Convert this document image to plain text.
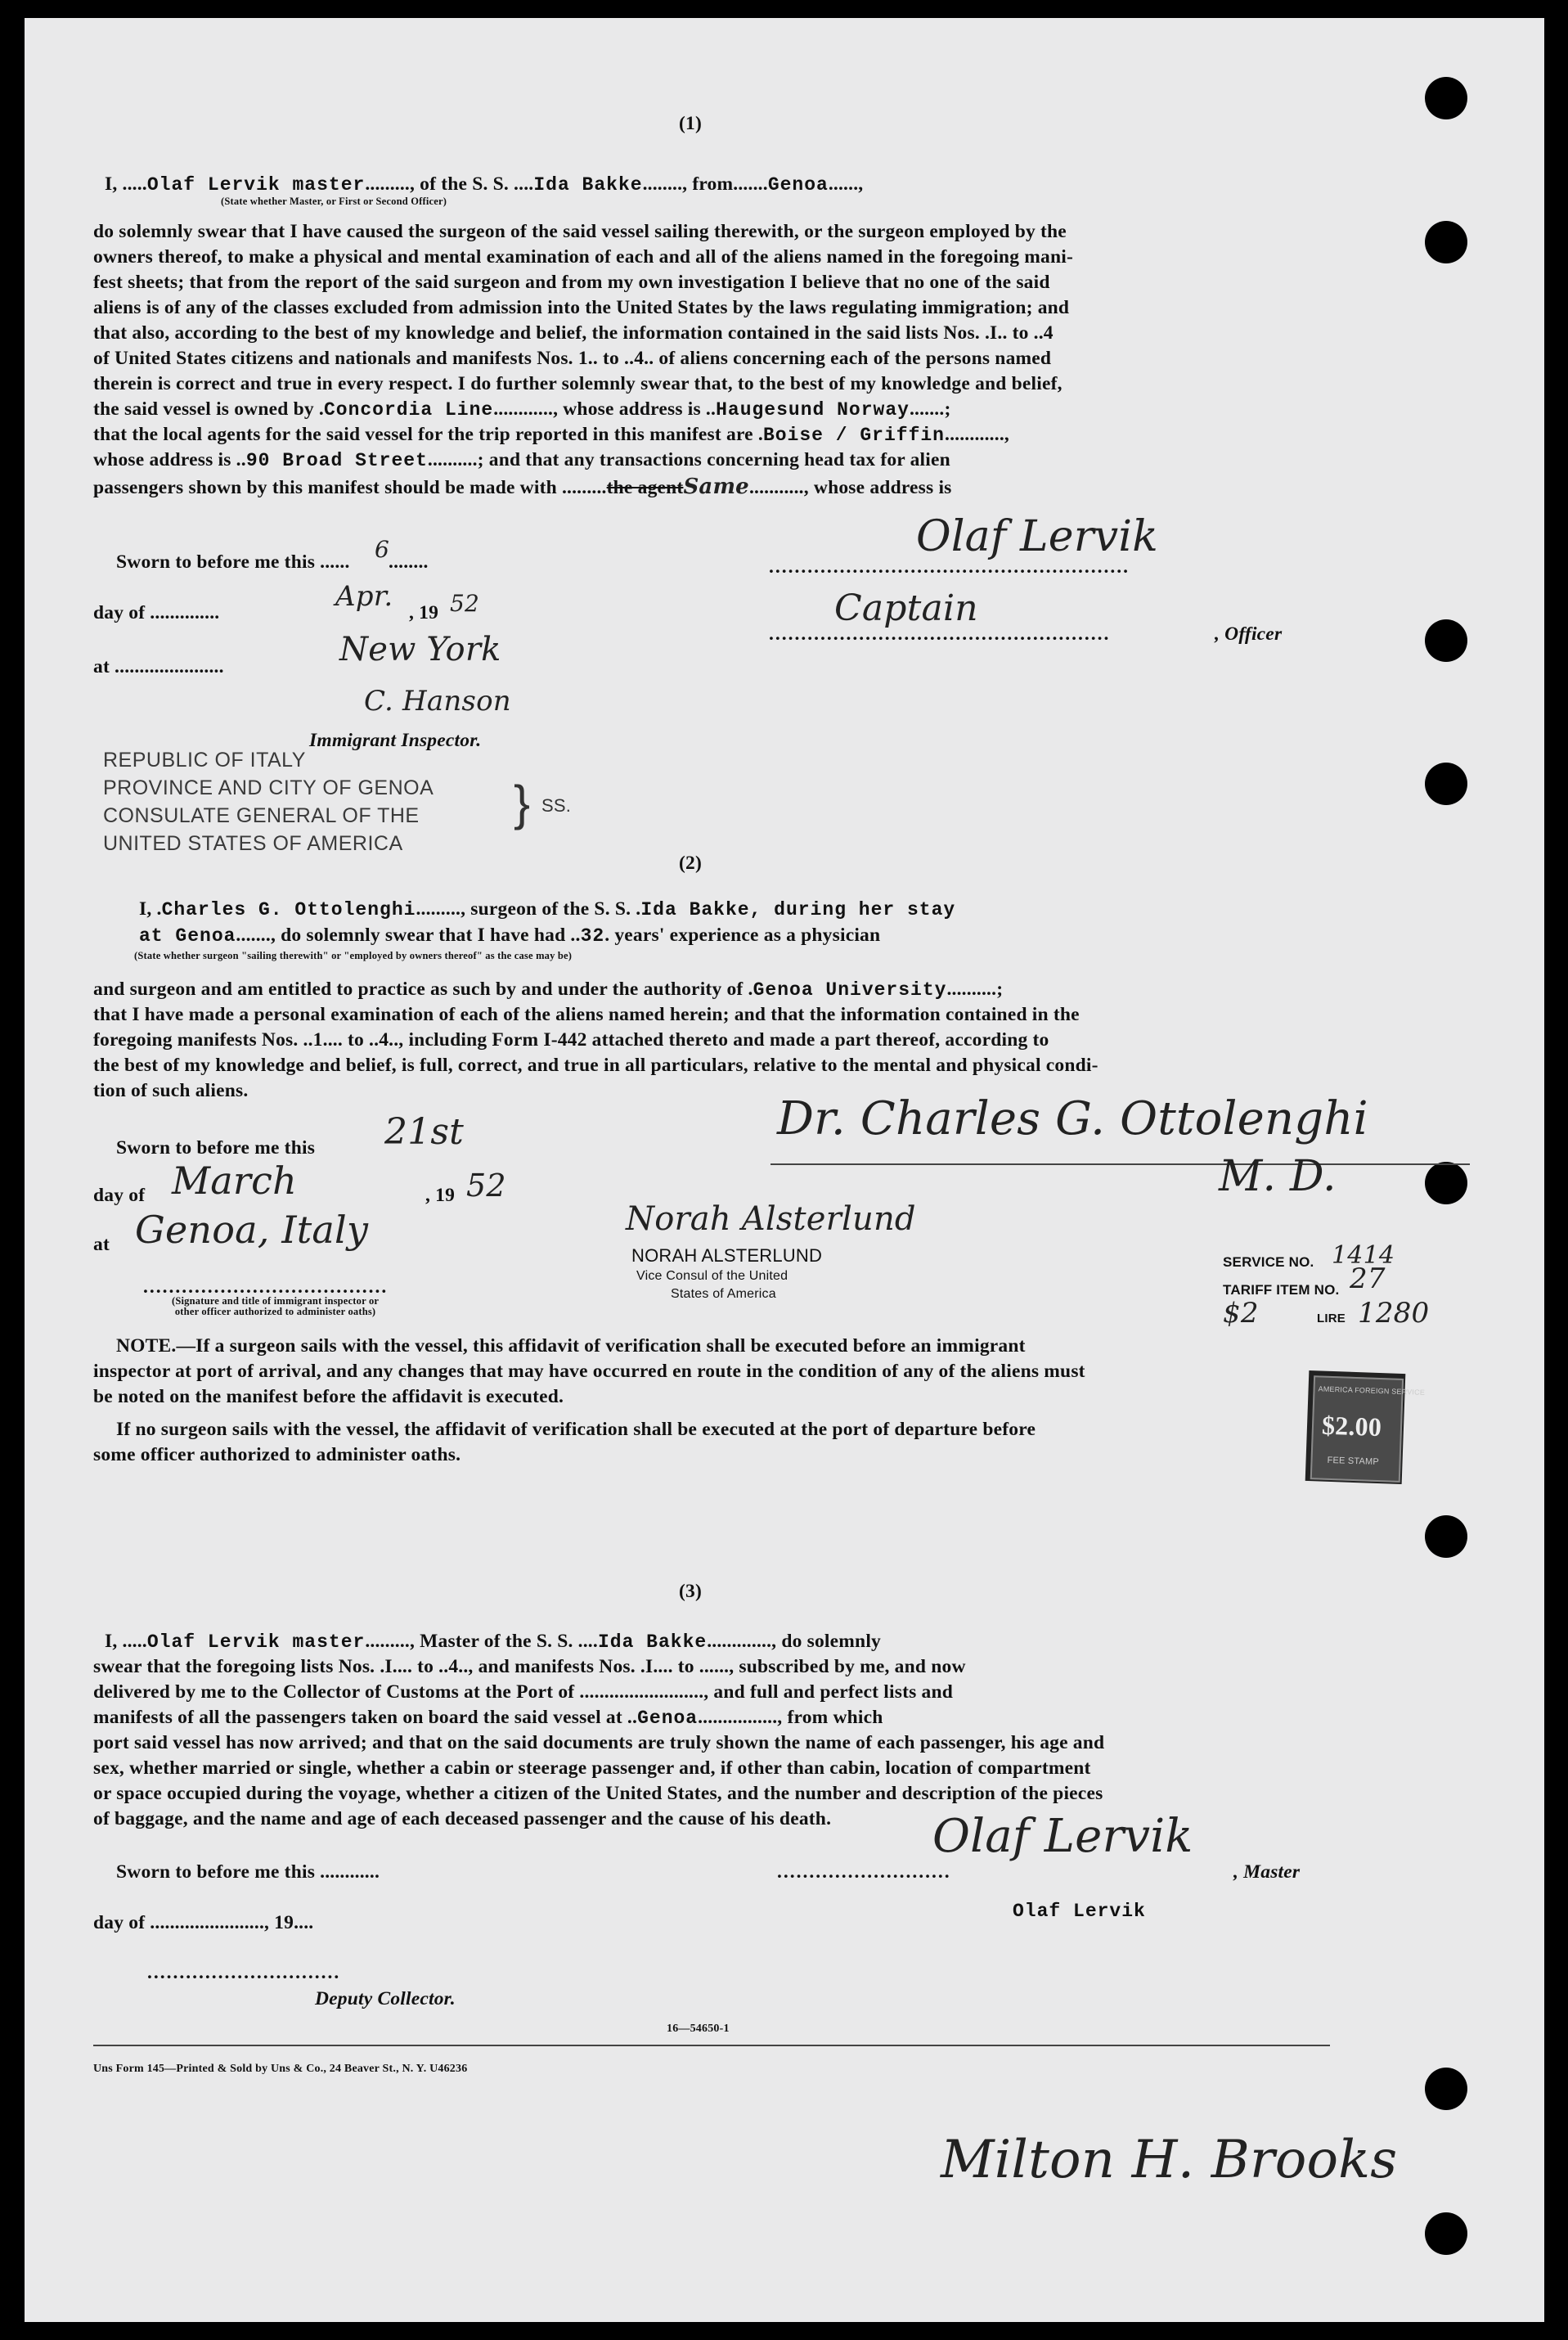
(1)
I, .....Olaf Lervik master........., of the S. S. ....Ida Bakke........, from.......Genoa......,
(State whether Master, or First or Second Officer)
do solemnly swear that I have caused the surgeon of the said vessel sailing therewith, or the surgeon employed by the
owners thereof, to make a physical and mental examination of each and all of the aliens named in the foregoing mani-
fest sheets; that from the report of the said surgeon and from my own investigation I believe that no one of the said
aliens is of any of the classes excluded from admission into the United States by the laws regulating immigration; and
that also, according to the best of my knowledge and belief, the information contained in the said lists Nos. .I.. to ..4
of United States citizens and nationals and manifests Nos. 1.. to ..4.. of aliens concerning each of the persons named
therein is correct and true in every respect. I do further solemnly swear that, to the best of my knowledge and belief,
the said vessel is owned by .Concordia Line............, whose address is ..Haugesund Norway.......;
that the local agents for the said vessel for the trip reported in this manifest are .Boise / Griffin............,
whose address is ..90 Broad Street..........; and that any transactions concerning head tax for alien
passengers shown by this manifest should be made with .........the agentSame..........., whose address is
Sworn to before me this ...... 6
........
day of ..............	Apr. , 19 52
at ......................	New York
C. Hanson
Immigrant Inspector.
........................................................
Olaf Lervik
.....................................................
Captain
, Officer
REPUBLIC OF ITALY
PROVINCE AND CITY OF GENOA
CONSULATE GENERAL OF THE
UNITED STATES OF AMERICA
} SS.
(2)
I, .Charles G. Ottolenghi........., surgeon of the S. S. .Ida Bakke, during her stay
at Genoa......., do solemnly swear that I have had ..32. years' experience as a physician
(State whether surgeon "sailing therewith" or "employed by owners thereof" as the case may be)
and surgeon and am entitled to practice as such by and under the authority of .Genoa University..........;
that I have made a personal examination of each of the aliens named herein; and that the information contained in the
foregoing manifests Nos. ..1.... to ..4.., including Form I-442 attached thereto and made a part thereof, according to
the best of my knowledge and belief, is full, correct, and true in all particulars, relative to the mental and physical condi-
tion of such aliens.
Sworn to before me this 21st
day of March	, 19 52
at Genoa, Italy
......................................
(Signature and title of immigrant inspector or
other officer authorized to administer oaths)
Norah Alsterlund
NORAH ALSTERLUND
Vice Consul of the United
States of America
Dr. Charles G. Ottolenghi
M. D.
SERVICE NO. 1414
TARIFF ITEM NO. 27
$2	LIRE 1280
NOTE.—If a surgeon sails with the vessel, this affidavit of verification shall be executed before an immigrant
inspector at port of arrival, and any changes that may have occurred en route in the condition of any of the aliens must
be noted on the manifest before the affidavit is executed.
If no surgeon sails with the vessel, the affidavit of verification shall be executed at the port of departure before
some officer authorized to administer oaths.
AMERICA FOREIGN SERVICE
$2.00
FEE STAMP
(3)
I, .....Olaf Lervik master........., Master of the S. S. ....Ida Bakke............., do solemnly
swear that the foregoing lists Nos. .I.... to ..4.., and manifests Nos. .I.... to ......, subscribed by me, and now
delivered by me to the Collector of Customs at the Port of ........................., and full and perfect lists and
manifests of all the passengers taken on board the said vessel at ..Genoa................, from which
port said vessel has now arrived; and that on the said documents are truly shown the name of each passenger, his age and
sex, whether married or single, whether a cabin or steerage passenger and, if other than cabin, location of compartment
or space occupied during the voyage, whether a citizen of the United States, and the number and description of the pieces
of baggage, and the name and age of each deceased passenger and the cause of his death.
Sworn to before me this ............
day of ......................., 19....
..............................
Deputy Collector.
...........................
Olaf Lervik
, Master
Olaf Lervik
16—54650-1
Uns Form 145—Printed & Sold by Uns & Co., 24 Beaver St., N. Y. U46236
Milton H. Brooks
